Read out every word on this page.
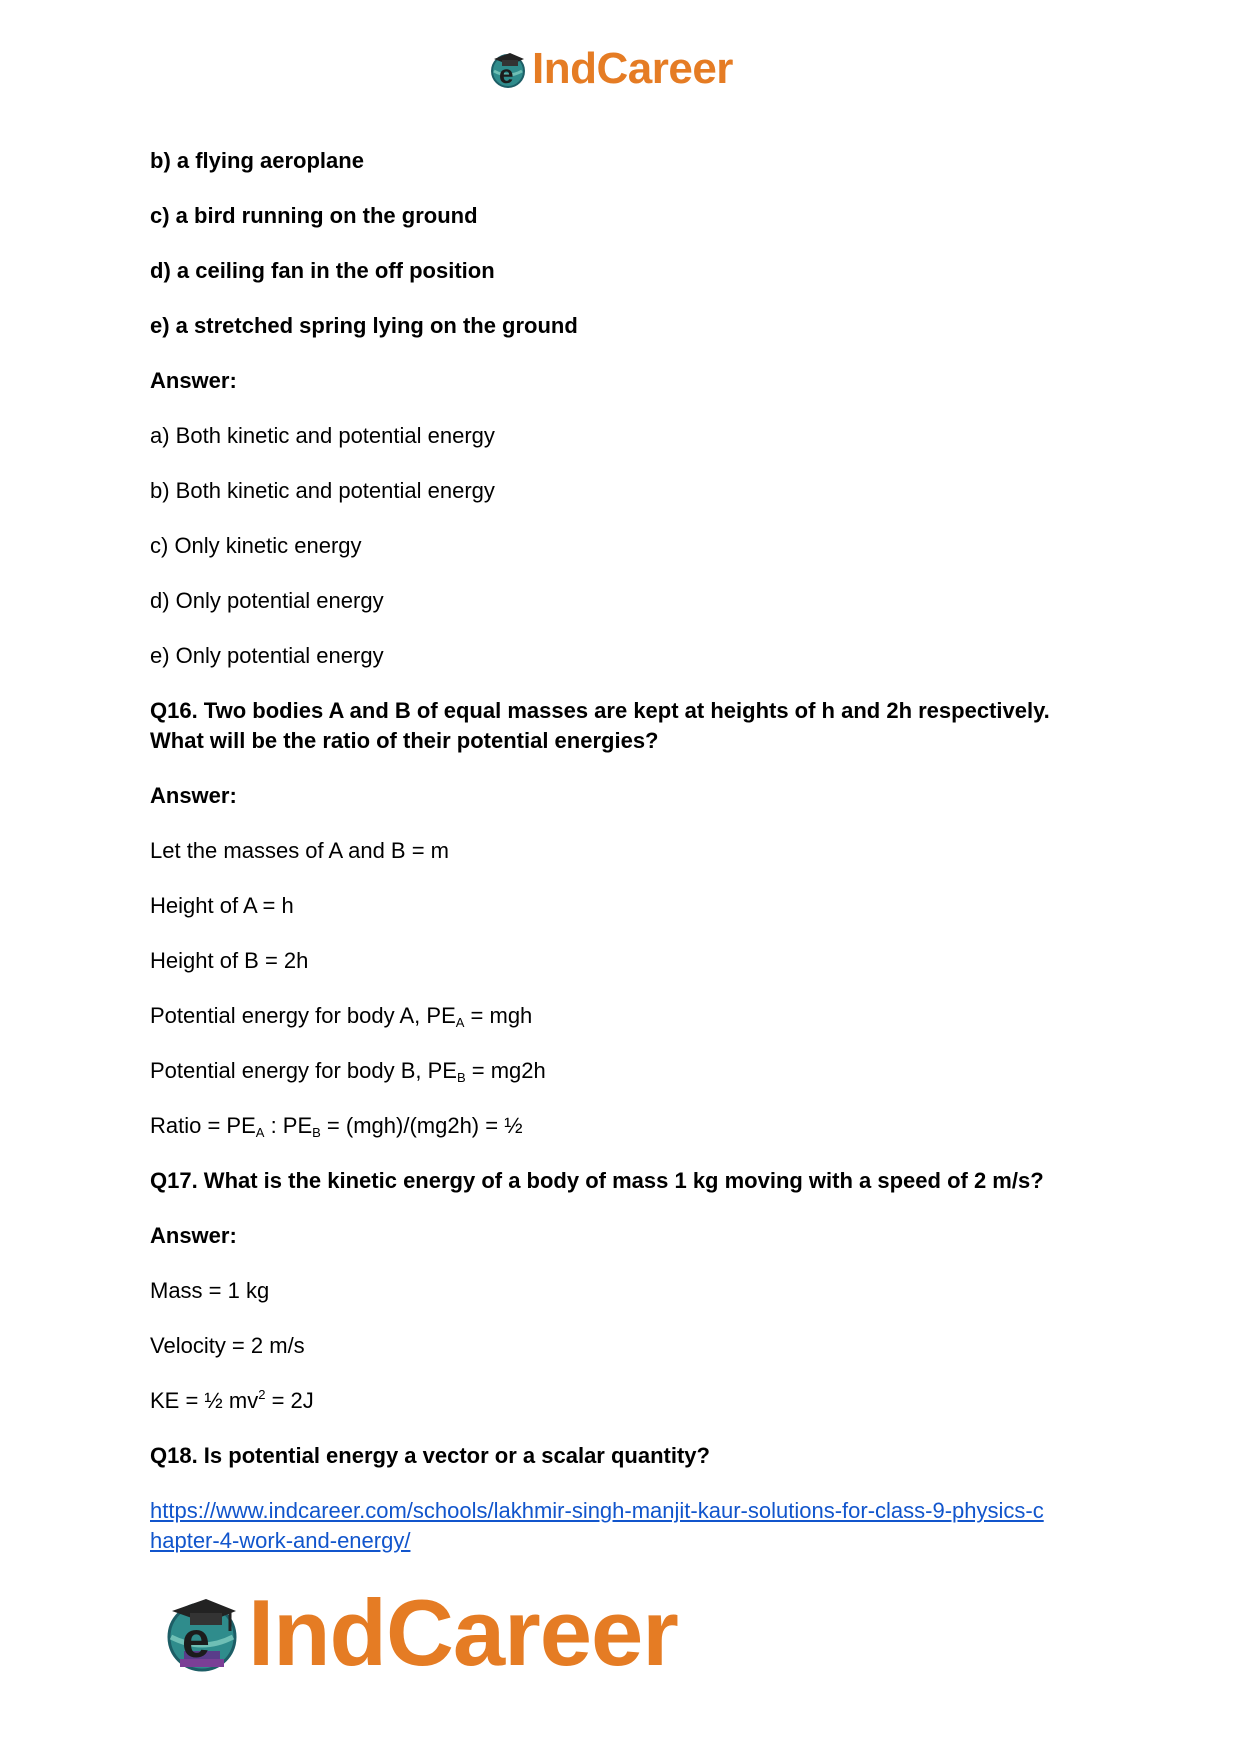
e IndCareer
b) a flying aeroplane
c) a bird running on the ground
d) a ceiling fan in the off position
e) a stretched spring lying on the ground
Answer:
a) Both kinetic and potential energy
b) Both kinetic and potential energy
c) Only kinetic energy
d) Only potential energy
e) Only potential energy
Q16. Two bodies A and B of equal masses are kept at heights of h and 2h respectively.
What will be the ratio of their potential energies?
Answer:
Let the masses of A and B = m
Height of A = h
Height of B = 2h
Potential energy for body A, $PE_A$ = mgh
Potential energy for body B, $PE_B = mg2h$
Ratio = $PE_A$ : $PE_B = (mgh)/(mg2h)$ = ½
Q17. What is the kinetic energy of a body of mass 1 kg moving with a speed of 2 m/s?
Answer:
Mass = 1 kg
Velocity = 2 m/s
KE = ½ $mv^2 = 2J$
Q18. Is potential energy a vector or a scalar quantity?
https://www.indcareer.com/schools/lakhmir-singh-manjit-kaur-solutions-for-class-9-physics-c
hapter-4-work-and-energy/
e IndCareer
